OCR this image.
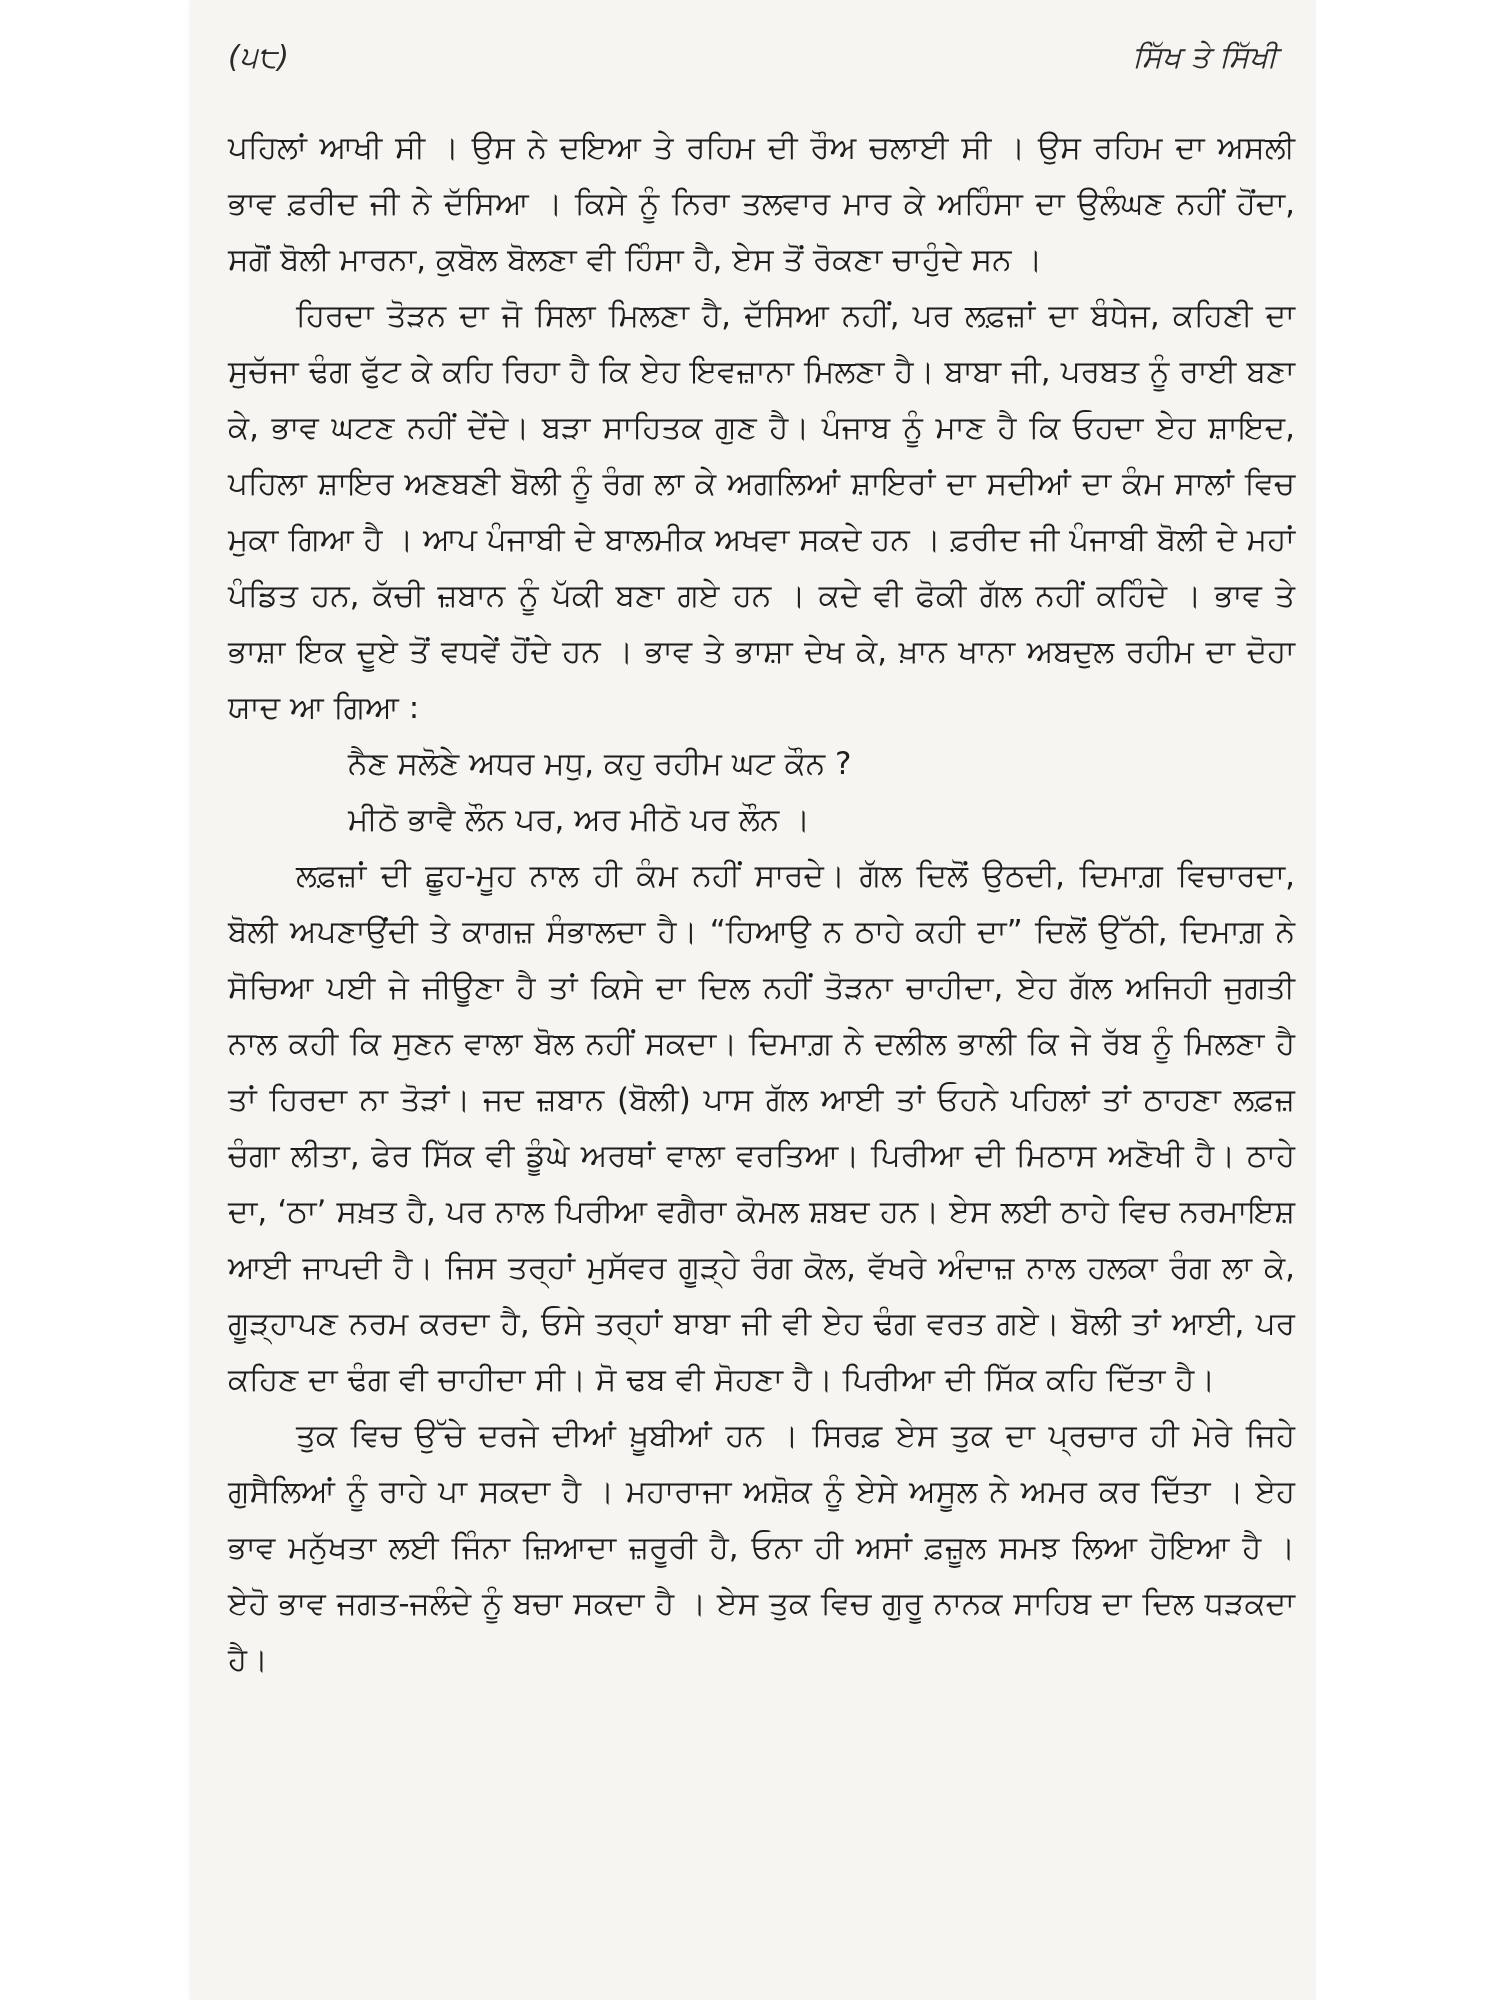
(੫੮)	ਸਿੱਖ ਤੇ ਸਿੱਖੀ

ਪਹਿਲਾਂ ਆਖੀ ਸੀ । ਉਸ ਨੇ ਦਇਆ ਤੇ ਰਹਿਮ ਦੀ ਰੌਅ ਚਲਾਈ ਸੀ । ਉਸ ਰਹਿਮ ਦਾ ਅਸਲੀ ਭਾਵ ਫ਼ਰੀਦ ਜੀ ਨੇ ਦੱਸਿਆ । ਕਿਸੇ ਨੂੰ ਨਿਰਾ ਤਲਵਾਰ ਮਾਰ ਕੇ ਅਹਿੰਸਾ ਦਾ ਉਲੰਘਣ ਨਹੀਂ ਹੋਂਦਾ, ਸਗੋਂ ਬੋਲੀ ਮਾਰਨਾ, ਕੁਬੋਲ ਬੋਲਣਾ ਵੀ ਹਿੰਸਾ ਹੈ, ਏਸ ਤੋਂ ਰੋਕਣਾ ਚਾਹੁੰਦੇ ਸਨ ।

ਹਿਰਦਾ ਤੋੜਨ ਦਾ ਜੋ ਸਿਲਾ ਮਿਲਣਾ ਹੈ, ਦੱਸਿਆ ਨਹੀਂ, ਪਰ ਲਫ਼ਜ਼ਾਂ ਦਾ ਬੰਧੇਜ, ਕਹਿਣੀ ਦਾ ਸੁਚੱਜਾ ਢੰਗ ਫੁੱਟ ਕੇ ਕਹਿ ਰਿਹਾ ਹੈ ਕਿ ਏਹ ਇਵਜ਼ਾਨਾ ਮਿਲਣਾ ਹੈ। ਬਾਬਾ ਜੀ, ਪਰਬਤ ਨੂੰ ਰਾਈ ਬਣਾ ਕੇ, ਭਾਵ ਘਟਣ ਨਹੀਂ ਦੇਂਦੇ। ਬੜਾ ਸਾਹਿਤਕ ਗੁਣ ਹੈ। ਪੰਜਾਬ ਨੂੰ ਮਾਣ ਹੈ ਕਿ ਓਹਦਾ ਏਹ ਸ਼ਾਇਦ, ਪਹਿਲਾ ਸ਼ਾਇਰ ਅਣਬਣੀ ਬੋਲੀ ਨੂੰ ਰੰਗ ਲਾ ਕੇ ਅਗਲਿਆਂ ਸ਼ਾਇਰਾਂ ਦਾ ਸਦੀਆਂ ਦਾ ਕੰਮ ਸਾਲਾਂ ਵਿਚ ਮੁਕਾ ਗਿਆ ਹੈ । ਆਪ ਪੰਜਾਬੀ ਦੇ ਬਾਲਮੀਕ ਅਖਵਾ ਸਕਦੇ ਹਨ । ਫ਼ਰੀਦ ਜੀ ਪੰਜਾਬੀ ਬੋਲੀ ਦੇ ਮਹਾਂ ਪੰਡਿਤ ਹਨ, ਕੱਚੀ ਜ਼ਬਾਨ ਨੂੰ ਪੱਕੀ ਬਣਾ ਗਏ ਹਨ । ਕਦੇ ਵੀ ਫੋਕੀ ਗੱਲ ਨਹੀਂ ਕਹਿੰਦੇ । ਭਾਵ ਤੇ ਭਾਸ਼ਾ ਇਕ ਦੂਏ ਤੋਂ ਵਧਵੇਂ ਹੋਂਦੇ ਹਨ । ਭਾਵ ਤੇ ਭਾਸ਼ਾ ਦੇਖ ਕੇ, ਖ਼ਾਨ ਖਾਨਾ ਅਬਦੁਲ ਰਹੀਮ ਦਾ ਦੋਹਾ ਯਾਦ ਆ ਗਿਆ :

ਨੈਣ ਸਲੋਣੇ ਅਧਰ ਮਧੁ, ਕਹੁ ਰਹੀਮ ਘਟ ਕੌਨ ?
ਮੀਠੋ ਭਾਵੈ ਲੌਨ ਪਰ, ਅਰ ਮੀਠੋ ਪਰ ਲੌਨ ।

ਲਫ਼ਜ਼ਾਂ ਦੀ ਛੂਹ-ਮੂਹ ਨਾਲ ਹੀ ਕੰਮ ਨਹੀਂ ਸਾਰਦੇ। ਗੱਲ ਦਿਲੋਂ ਉਠਦੀ, ਦਿਮਾਗ਼ ਵਿਚਾਰਦਾ, ਬੋਲੀ ਅਪਣਾਉਂਦੀ ਤੇ ਕਾਗਜ਼ ਸੰਭਾਲਦਾ ਹੈ। “ਹਿਆਉ ਨ ਠਾਹੇ ਕਹੀ ਦਾ” ਦਿਲੋਂ ਉੱਠੀ, ਦਿਮਾਗ਼ ਨੇ ਸੋਚਿਆ ਪਈ ਜੇ ਜੀਊਣਾ ਹੈ ਤਾਂ ਕਿਸੇ ਦਾ ਦਿਲ ਨਹੀਂ ਤੋੜਨਾ ਚਾਹੀਦਾ, ਏਹ ਗੱਲ ਅਜਿਹੀ ਜੁਗਤੀ ਨਾਲ ਕਹੀ ਕਿ ਸੁਣਨ ਵਾਲਾ ਬੋਲ ਨਹੀਂ ਸਕਦਾ। ਦਿਮਾਗ਼ ਨੇ ਦਲੀਲ ਭਾਲੀ ਕਿ ਜੇ ਰੱਬ ਨੂੰ ਮਿਲਣਾ ਹੈ ਤਾਂ ਹਿਰਦਾ ਨਾ ਤੋੜਾਂ। ਜਦ ਜ਼ਬਾਨ (ਬੋਲੀ) ਪਾਸ ਗੱਲ ਆਈ ਤਾਂ ਓਹਨੇ ਪਹਿਲਾਂ ਤਾਂ ਠਾਹਣਾ ਲਫ਼ਜ਼ ਚੰਗਾ ਲੀਤਾ, ਫੇਰ ਸਿੱਕ ਵੀ ਡੂੰਘੇ ਅਰਥਾਂ ਵਾਲਾ ਵਰਤਿਆ। ਪਿਰੀਆ ਦੀ ਮਿਠਾਸ ਅਣੋਖੀ ਹੈ। ਠਾਹੇ ਦਾ, ‘ਠਾ’ ਸਖ਼ਤ ਹੈ, ਪਰ ਨਾਲ ਪਿਰੀਆ ਵਗੈਰਾ ਕੋਮਲ ਸ਼ਬਦ ਹਨ। ਏਸ ਲਈ ਠਾਹੇ ਵਿਚ ਨਰਮਾਇਸ਼ ਆਈ ਜਾਪਦੀ ਹੈ। ਜਿਸ ਤਰ੍ਹਾਂ ਮੁਸੱਵਰ ਗੂੜ੍ਹੇ ਰੰਗ ਕੋਲ, ਵੱਖਰੇ ਅੰਦਾਜ਼ ਨਾਲ ਹਲਕਾ ਰੰਗ ਲਾ ਕੇ, ਗੂੜ੍ਹਾਪਣ ਨਰਮ ਕਰਦਾ ਹੈ, ਓਸੇ ਤਰ੍ਹਾਂ ਬਾਬਾ ਜੀ ਵੀ ਏਹ ਢੰਗ ਵਰਤ ਗਏ। ਬੋਲੀ ਤਾਂ ਆਈ, ਪਰ ਕਹਿਣ ਦਾ ਢੰਗ ਵੀ ਚਾਹੀਦਾ ਸੀ। ਸੋ ਢਬ ਵੀ ਸੋਹਣਾ ਹੈ। ਪਿਰੀਆ ਦੀ ਸਿੱਕ ਕਹਿ ਦਿੱਤਾ ਹੈ।

ਤੁਕ ਵਿਚ ਉੱਚੇ ਦਰਜੇ ਦੀਆਂ ਖ਼ੂਬੀਆਂ ਹਨ । ਸਿਰਫ਼ ਏਸ ਤੁਕ ਦਾ ਪ੍ਰਚਾਰ ਹੀ ਮੇਰੇ ਜਿਹੇ ਗੁਸੈਲਿਆਂ ਨੂੰ ਰਾਹੇ ਪਾ ਸਕਦਾ ਹੈ । ਮਹਾਰਾਜਾ ਅਸ਼ੋਕ ਨੂੰ ਏਸੇ ਅਸੂਲ ਨੇ ਅਮਰ ਕਰ ਦਿੱਤਾ । ਏਹ ਭਾਵ ਮਨੁੱਖਤਾ ਲਈ ਜਿੰਨਾ ਜ਼ਿਆਦਾ ਜ਼ਰੂਰੀ ਹੈ, ਓਨਾ ਹੀ ਅਸਾਂ ਫ਼ਜ਼ੂਲ ਸਮਝ ਲਿਆ ਹੋਇਆ ਹੈ । ਏਹੋ ਭਾਵ ਜਗਤ-ਜਲੰਦੇ ਨੂੰ ਬਚਾ ਸਕਦਾ ਹੈ । ਏਸ ਤੁਕ ਵਿਚ ਗੁਰੂ ਨਾਨਕ ਸਾਹਿਬ ਦਾ ਦਿਲ ਧੜਕਦਾ ਹੈ।
